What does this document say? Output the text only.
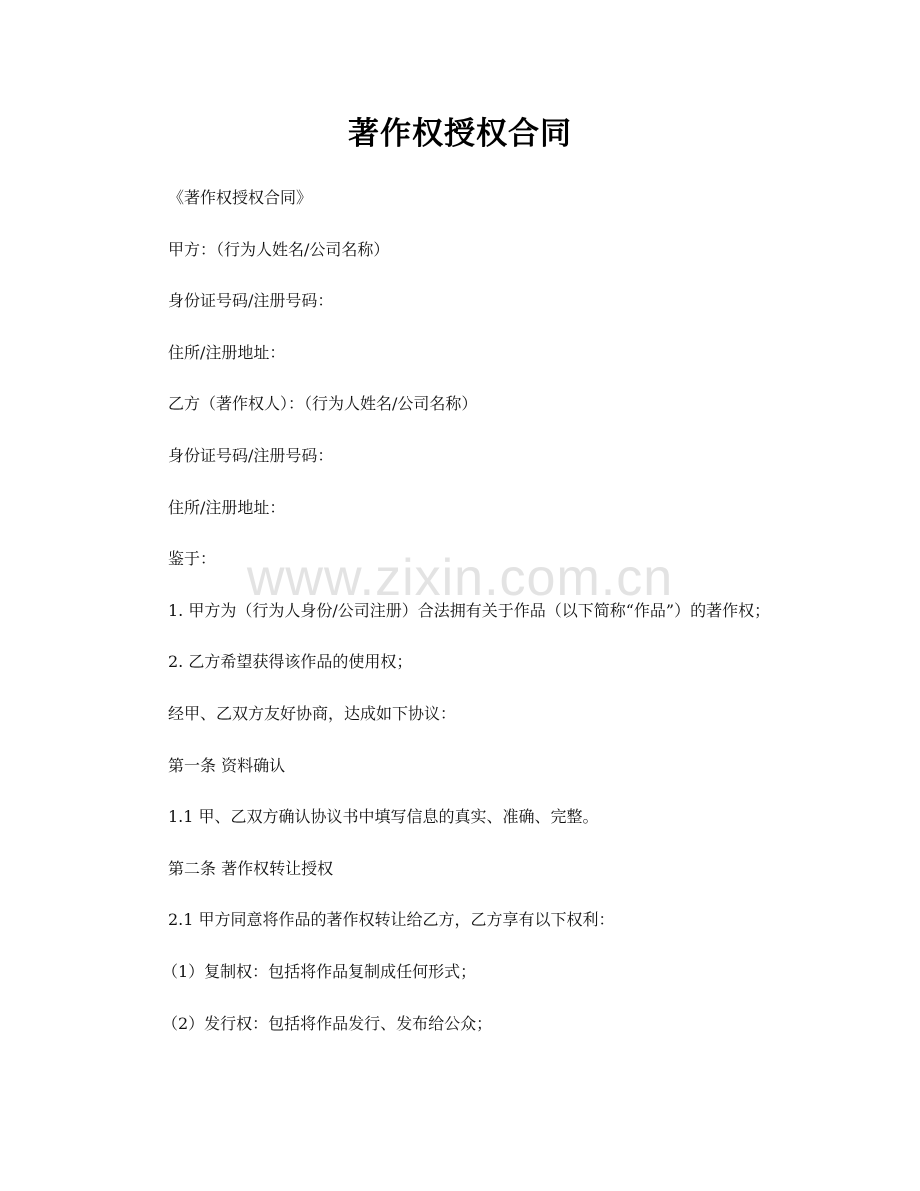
著作权授权合同
www.zixin.com.cn

《著作权授权合同》

甲方：（行为人姓名/公司名称）

身份证号码/注册号码：

住所/注册地址：

乙方（著作权人）：（行为人姓名/公司名称）

身份证号码/注册号码：

住所/注册地址：

鉴于：

1. 甲方为（行为人身份/公司注册）合法拥有关于作品（以下简称“作品”）的著作权；

2. 乙方希望获得该作品的使用权；

经甲、乙双方友好协商，达成如下协议：

第一条 资料确认

1.1 甲、乙双方确认协议书中填写信息的真实、准确、完整。

第二条 著作权转让授权

2.1 甲方同意将作品的著作权转让给乙方，乙方享有以下权利：

（1）复制权：包括将作品复制成任何形式；

（2）发行权：包括将作品发行、发布给公众；
